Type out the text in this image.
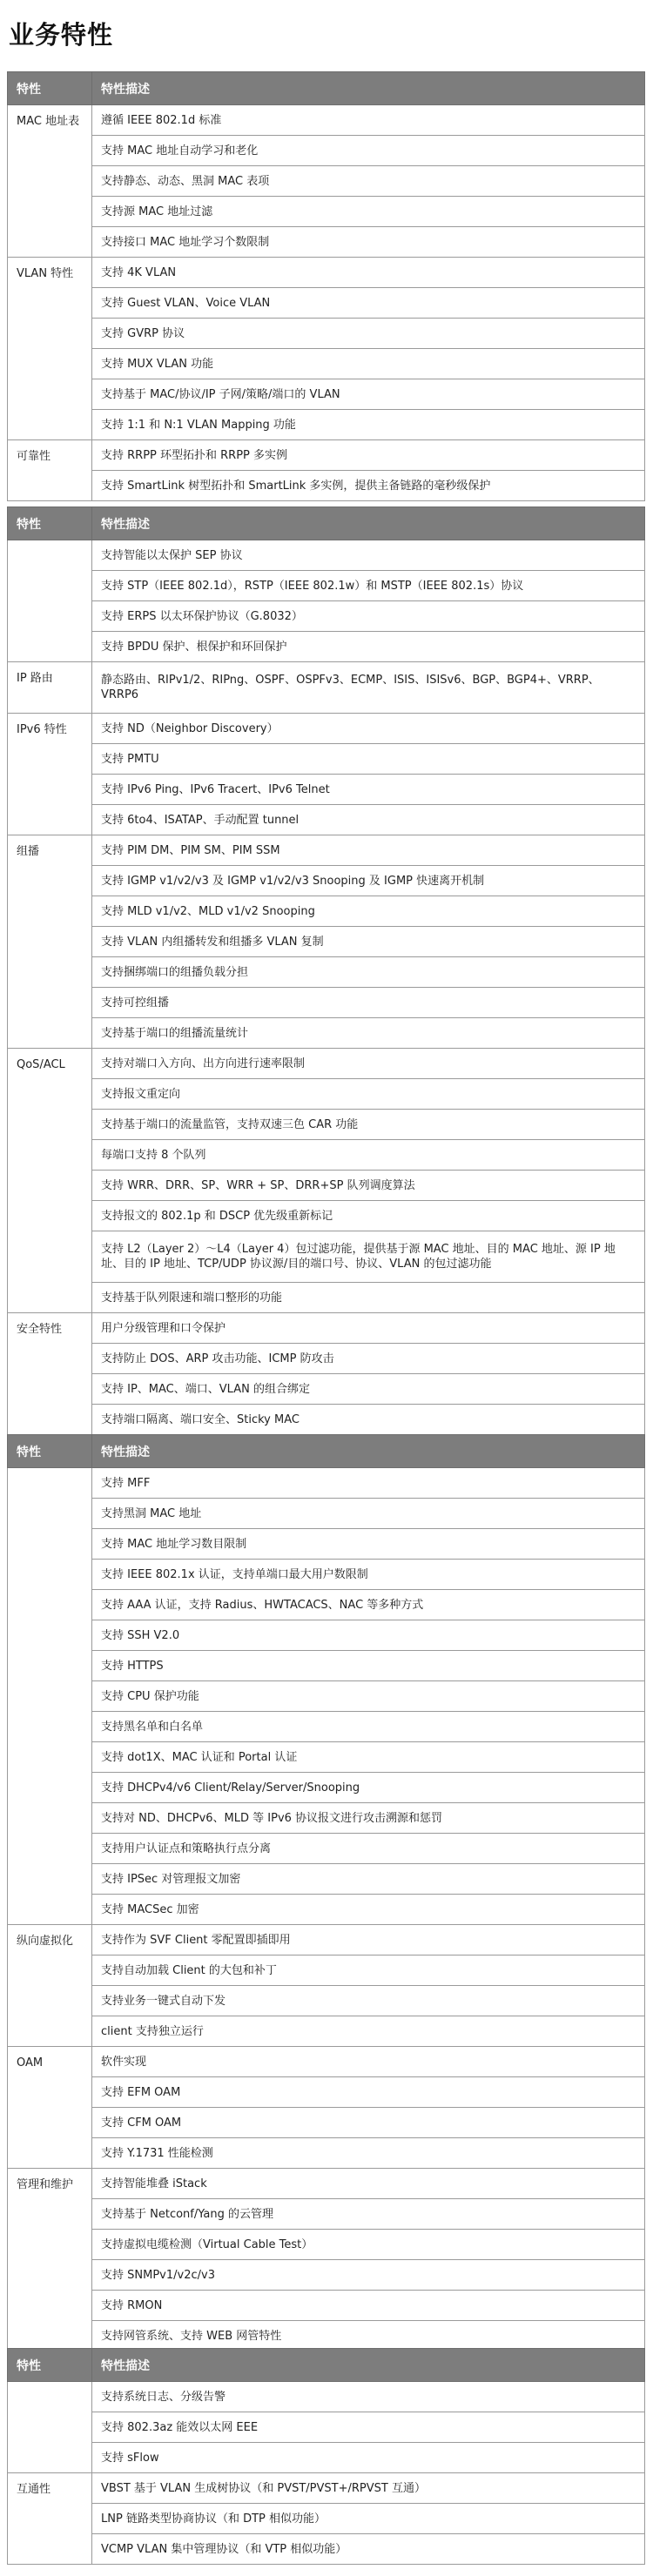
业务特性
特性	特性描述
MAC 地址表	遵循 IEEE 802.1d 标准
	支持 MAC 地址自动学习和老化
	支持静态、动态、黑洞 MAC 表项
	支持源 MAC 地址过滤
	支持接口 MAC 地址学习个数限制
VLAN 特性	支持 4K VLAN
	支持 Guest VLAN、Voice VLAN
	支持 GVRP 协议
	支持 MUX VLAN 功能
	支持基于 MAC/协议/IP 子网/策略/端口的 VLAN
	支持 1:1 和 N:1 VLAN Mapping 功能
可靠性	支持 RRPP 环型拓扑和 RRPP 多实例
	支持 SmartLink 树型拓扑和 SmartLink 多实例，提供主备链路的毫秒级保护
特性	特性描述
	支持智能以太保护 SEP 协议
	支持 STP（IEEE 802.1d），RSTP（IEEE 802.1w）和 MSTP（IEEE 802.1s）协议
	支持 ERPS 以太环保护协议（G.8032）
	支持 BPDU 保护、根保护和环回保护
IP 路由	静态路由、RIPv1/2、RIPng、OSPF、OSPFv3、ECMP、ISIS、ISISv6、BGP、BGP4+、VRRP、VRRP6
IPv6 特性	支持 ND（Neighbor Discovery）
	支持 PMTU
	支持 IPv6 Ping、IPv6 Tracert、IPv6 Telnet
	支持 6to4、ISATAP、手动配置 tunnel
组播	支持 PIM DM、PIM SM、PIM SSM
	支持 IGMP v1/v2/v3 及 IGMP v1/v2/v3 Snooping 及 IGMP 快速离开机制
	支持 MLD v1/v2、MLD v1/v2 Snooping
	支持 VLAN 内组播转发和组播多 VLAN 复制
	支持捆绑端口的组播负载分担
	支持可控组播
	支持基于端口的组播流量统计
QoS/ACL	支持对端口入方向、出方向进行速率限制
	支持报文重定向
	支持基于端口的流量监管，支持双速三色 CAR 功能
	每端口支持 8 个队列
	支持 WRR、DRR、SP、WRR + SP、DRR+SP 队列调度算法
	支持报文的 802.1p 和 DSCP 优先级重新标记
	支持 L2（Layer 2）～L4（Layer 4）包过滤功能，提供基于源 MAC 地址、目的 MAC 地址、源 IP 地址、目的 IP 地址、TCP/UDP 协议源/目的端口号、协议、VLAN 的包过滤功能
	支持基于队列限速和端口整形的功能
安全特性	用户分级管理和口令保护
	支持防止 DOS、ARP 攻击功能、ICMP 防攻击
	支持 IP、MAC、端口、VLAN 的组合绑定
	支持端口隔离、端口安全、Sticky MAC
特性	特性描述
	支持 MFF
	支持黑洞 MAC 地址
	支持 MAC 地址学习数目限制
	支持 IEEE 802.1x 认证，支持单端口最大用户数限制
	支持 AAA 认证，支持 Radius、HWTACACS、NAC 等多种方式
	支持 SSH V2.0
	支持 HTTPS
	支持 CPU 保护功能
	支持黑名单和白名单
	支持 dot1X、MAC 认证和 Portal 认证
	支持 DHCPv4/v6 Client/Relay/Server/Snooping
	支持对 ND、DHCPv6、MLD 等 IPv6 协议报文进行攻击溯源和惩罚
	支持用户认证点和策略执行点分离
	支持 IPSec 对管理报文加密
	支持 MACSec 加密
纵向虚拟化	支持作为 SVF Client 零配置即插即用
	支持自动加载 Client 的大包和补丁
	支持业务一键式自动下发
	client 支持独立运行
OAM	软件实现
	支持 EFM OAM
	支持 CFM OAM
	支持 Y.1731 性能检测
管理和维护	支持智能堆叠 iStack
	支持基于 Netconf/Yang 的云管理
	支持虚拟电缆检测（Virtual Cable Test）
	支持 SNMPv1/v2c/v3
	支持 RMON
	支持网管系统、支持 WEB 网管特性
特性	特性描述
	支持系统日志、分级告警
	支持 802.3az 能效以太网 EEE
	支持 sFlow
互通性	VBST 基于 VLAN 生成树协议（和 PVST/PVST+/RPVST 互通）
	LNP 链路类型协商协议（和 DTP 相似功能）
	VCMP VLAN 集中管理协议（和 VTP 相似功能）
